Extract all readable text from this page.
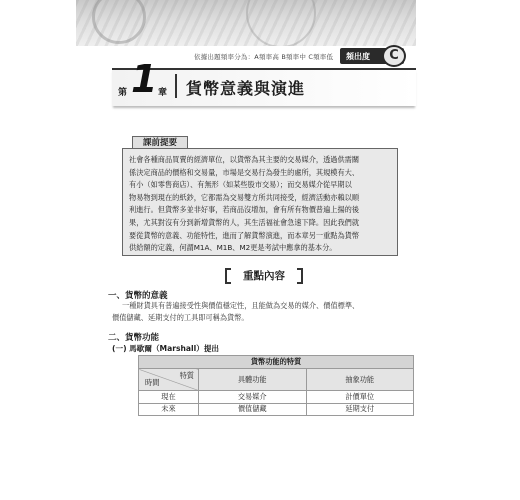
依據出題頻率分為：A頻率高 B頻率中 C頻率低 頻出度	C
第 1 章 貨幣意義與演進
課前提要
社會各種商品買賣的經濟單位，以貨幣為其主要的交易媒介，透過供需關
係決定商品的價格和交易量，市場是交易行為發生的處所，其規模有大、
有小（如零售商店）、有無形（如某些股市交易）；而交易媒介從早期以
物易物到現在的紙鈔，它都需為交易雙方所共同接受，經濟活動亦賴以順
利進行。但貨幣多並非好事，若商品沒增加，會有所有物價普遍上揚的後
果，尤其對沒有分到新增貨幣的人，其生活福祉會急速下降。因此我們就
要從貨幣的意義、功能特性，進而了解貨幣演進，而本章另一重點為貨幣
供給額的定義，何謂M1A、M1B、M2更是考試中應拿的基本分。
重點內容
一、貨幣的意義
一種財貨具有普遍接受性與價值穩定性，且能做為交易的媒介、價值標準、
價值儲藏、延期支付的工具即可稱為貨幣。
二、貨幣功能
(一) 馬歇爾（Marshall）提出
貨幣功能的特質		

特質
時間	具體功能	抽象功能
現在	交易媒介	計價單位
未來	價值儲藏	延期支付
